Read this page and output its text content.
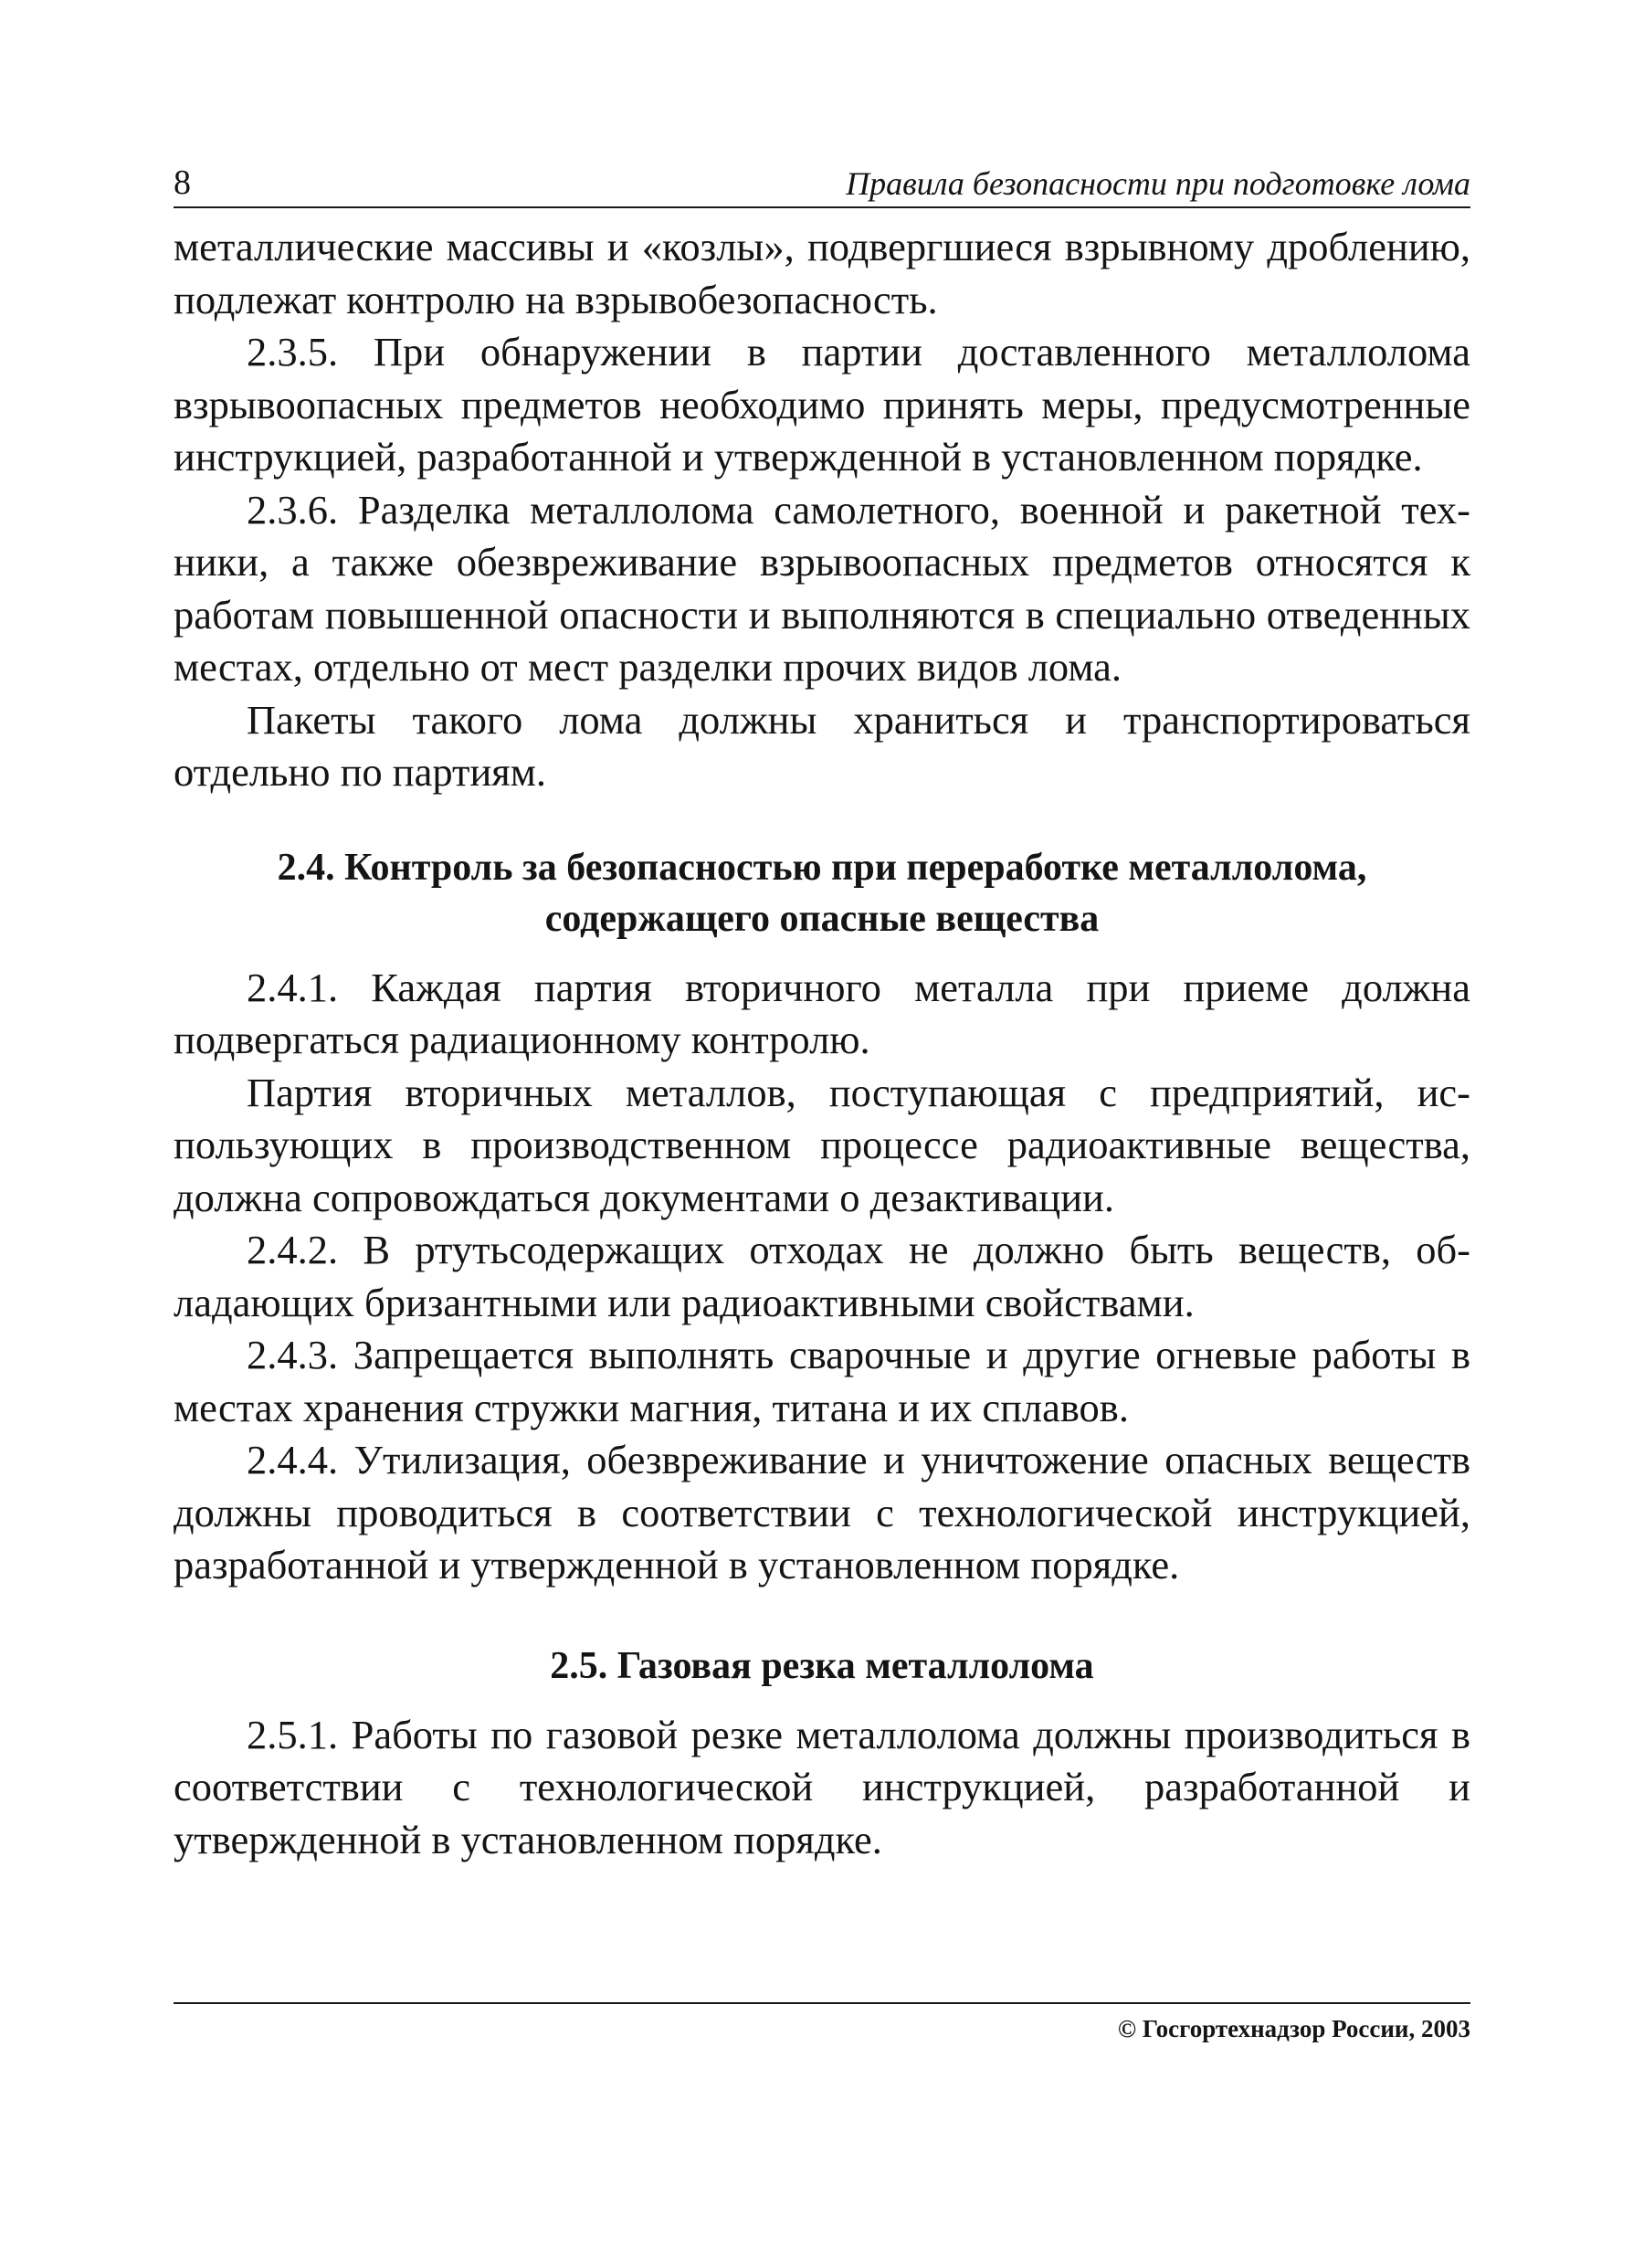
8	Правила безопасности при подготовке лома

металлические массивы и «козлы», подвергшиеся взрывному дроблению, подлежат контролю на взрывобезопасность.

2.3.5. При обнаружении в партии доставленного металлолома взрывоопасных предметов необходимо принять меры, предусмотренные инструкцией, разработанной и утвержденной в установленном порядке.

2.3.6. Разделка металлолома самолетного, военной и ракетной техники, а также обезвреживание взрывоопасных предметов относятся к работам повышенной опасности и выполняются в специально отведенных местах, отдельно от мест разделки прочих видов лома.

Пакеты такого лома должны храниться и транспортироваться отдельно по партиям.

2.4. Контроль за безопасностью при переработке металлолома,
содержащего опасные вещества

2.4.1. Каждая партия вторичного металла при приеме должна подвергаться радиационному контролю.

Партия вторичных металлов, поступающая с предприятий, использующих в производственном процессе радиоактивные вещества, должна сопровождаться документами о дезактивации.

2.4.2. В ртутьсодержащих отходах не должно быть веществ, обладающих бризантными или радиоактивными свойствами.

2.4.3. Запрещается выполнять сварочные и другие огневые работы в местах хранения стружки магния, титана и их сплавов.

2.4.4. Утилизация, обезвреживание и уничтожение опасных веществ должны проводиться в соответствии с технологической инструкцией, разработанной и утвержденной в установленном порядке.

2.5. Газовая резка металлолома

2.5.1. Работы по газовой резке металлолома должны производиться в соответствии с технологической инструкцией, разработанной и утвержденной в установленном порядке.

© Госгортехнадзор России, 2003
